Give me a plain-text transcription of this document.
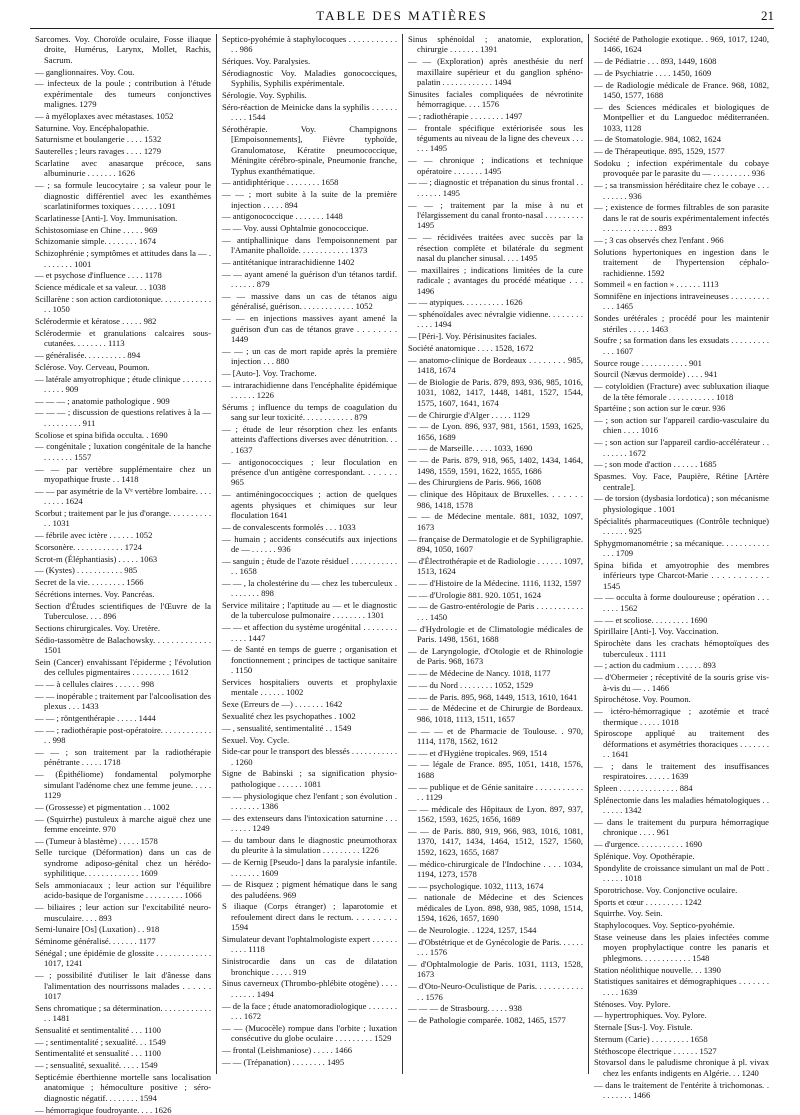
TABLE DES MATIÈRES	21
Sarcomes. Voy. Choroïde oculaire, Fosse iliaque droite, Humérus, Larynx, Mollet, Rachis, Sacrum.
— ganglionnaires. Voy. Cou.
— infecteux de la poule ; contribution à l'étude expérimentale des tumeurs conjonctives malignes. 1279
— à myéloplaxes avec métastases. 1052
Saturnine. Voy. Encéphalopathie.
Saturnisme et boulangerie . . . . 1532
Sauterelles ; leurs ravages . . . . 1279
Scarlatine avec anasarque précoce, sans albuminurie . . . . . . . 1626
— ; sa formule leucocytaire ; sa valeur pour le diagnostic différentiel avec les exanthèmes scarlatiniformes toxiques . . . . . . 1091
Scarlatinesse [Anti-]. Voy. Immunisation.
Schistosomiase en Chine . . . . . 969
Schizomanie simple. . . . . . . . 1674
Schizophrénie ; symptômes et attitudes dans la — . . . . . . . . 1001
— et psychose d'influence . . . . 1178
Science médicale et sa valeur. . . 1038
Scillarène : son action cardiotonique. . . . . . . . . . . . . . 1050
Sclérodermie et kératose . . . . . 982
Sclérodermie et granulations calcaires sous-cutanées. . . . . . . . 1113
— généralisée. . . . . . . . . . 894
Sclérose. Voy. Cerveau, Poumon.
— latérale amyotrophique ; étude clinique . . . . . . . . . . . . 909
— — — ; anatomie pathologique . 909
— — — ; discussion de questions relatives à la — . . . . . . . . . 911
Scoliose et spina bifida occulta. . 1690
— congénitale ; luxation congénitale de la hanche . . . . . . . 1557
— — par vertèbre supplémentaire chez un myopathique fruste . . 1418
— — par asymétrie de la Vᵉ vertèbre lombaire. . . . . . . . . 1624
Scorbut ; traitement par le jus d'orange. . . . . . . . . . . . 1031
— fébrile avec ictère . . . . . . 1052
Scorsonère. . . . . . . . . . . . 1724
Scrot-m (Éléphantiasis) . . . . . 1063
— (Kystes) . . . . . . . . . . . 985
Secret de la vie. . . . . . . . . 1566
Sécrétions internes. Voy. Pancréas.
Section d'Études scientifiques de l'Œuvre de la Tuberculose. . . . 896
Sections chirurgicales. Voy. Uretère.
Sédio-tassomètre de Balachowsky. . . . . . . . . . . . . 1501
Sein (Cancer) envahissant l'épiderme ; l'évolution des cellules pigmentaires . . . . . . . . . 1612
— — à cellules claires . . . . . . 998
— — inopérable ; traitement par l'alcoolisation des plexus . . . 1433
— — ; röntgenthérapie . . . . . 1444
— — ; radiothérapie post-opératoire. . . . . . . . . . . . . . 998
— — ; son traitement par la radiothérapie pénétrante . . . . . 1718
— (Épithéliome) fondamental polymorphe simulant l'adénome chez une femme jeune. . . . . 1129
— (Grossesse) et pigmentation . . 1002
— (Squirrhe) pustuleux à marche aiguë chez une femme enceinte. 970
— (Tumeur à blastème) . . . . . 1578
Selle turcique (Déformation) dans un cas de syndrome adiposo-génital chez un hérédo-syphilitique. . . . . . . . . . . . . 1609
Sels ammoniacaux ; leur action sur l'équilibre acido-basique de l'organisme . . . . . . . . . 1066
— biliaires ; leur action sur l'excitabilité neuro-musculaire. . . . 893
Semi-lunaire [Os] (Luxation) . . 918
Séminome généralisé. . . . . . . 1177
Sénégal ; une épidémie de glossite . . . . . . . . . . . . . 1017, 1241
— ; possibilité d'utiliser le lait d'ânesse dans l'alimentation des nourrissons malades . . . . . . 1017
Sens chromatique ; sa détermination. . . . . . . . . . . . . . 1481
Sensualité et sentimentalité . . . 1100
— ; sentimentalité ; sexualité. . . 1549
Sentimentalité et sensualité . . . 1100
— ; sensualité, sexualité. . . . . 1549
Septicémie éberthienne mortelle sans localisation anatomique ; hémoculture positive ; séro-diagnostic négatif. . . . . . . . 1594
— hémorragique foudroyante. . . . 1626
Septico-pyohémie à staphylocoques . . . . . . . . . . . . . 986
Sériques. Voy. Paralysies.
Sérodiagnostic Voy. Maladies gonococciques, Syphilis, Syphilis expérimentale.
Sérologie. Voy. Syphilis.
Séro-réaction de Meinicke dans la syphilis . . . . . . . . . . 1544
Sérothérapie. Voy. Champignons [Empoisonnements], Fièvre typhoïde, Granulomatose, Kératite pneumococcique, Méningite cérébro-spinale, Pneumonie franche, Typhus exanthématique.
— antidiphtérique . . . . . . . . 1658
— — ; mort subite à la suite de la première injection . . . . . 894
— antigonococcique . . . . . . . 1448
— — Voy. aussi Ophtalmie gonococcique.
— antiphallinique dans l'empoisonnement par l'Amanite phalloïde. . . . . . . . . . . . 1373
— antitétanique intrarachidienne 1402
— — ayant amené la guérison d'un tétanos tardif. . . . . . . 879
— — massive dans un cas de tétanos aigu généralisé, guérison. . . . . . . . . . . . . 1052
— — en injections massives ayant amené la guérison d'un cas de tétanos grave . . . . . . . . 1449
— — ; un cas de mort rapide après la première injection . . . 880
— [Auto-]. Voy. Trachome.
— intrarachidienne dans l'encéphalite épidémique . . . . . . 1226
Sérums ; influence du temps de coagulation du sang sur leur toxicité. . . . . . . . . . . . 879
— ; étude de leur résorption chez les enfants atteints d'affections diverses avec dénutrition. . . . 1637
— antigonococciques ; leur floculation en présence d'un antigène correspondant. . . . . . . 965
— antiméningococciques ; action de quelques agents physiques et chimiques sur leur floculation 1641
— de convalescents formolés . . . 1033
— humain ; accidents consécutifs aux injections de — . . . . . . 936
— sanguin ; étude de l'azote résiduel . . . . . . . . . . . . . 1658
— — , la cholestérine du — chez les tuberculeux . . . . . . . . 898
Service militaire ; l'aptitude au — et le diagnostic de la tuberculose pulmonaire . . . . . . . . 1301
— — et affection du système urogénital . . . . . . . . . . . . 1447
— de Santé en temps de guerre ; organisation et fonctionnement ; principes de tactique sanitaire . 1150
Services hospitaliers ouverts et prophylaxie mentale . . . . . . 1002
Sexe (Erreurs de —) . . . . . . . 1642
Sexualité chez les psychopathes . 1002
— , sensualité, sentimentalité . . 1549
Sexuel. Voy. Cycle.
Side-car pour le transport des blessés . . . . . . . . . . . . 1260
Signe de Babinski ; sa signification physio-pathologique . . . . . . 1081
— — physiologique chez l'enfant ; son évolution . . . . . . . . 1386
— des extenseurs dans l'intoxication saturnine . . . . . . . . 1249
— du tambour dans le diagnostic pneumothorax du pleurite à la simulation . . . . . . . . . 1226
— de Kernig [Pseudo-] dans la paralysie infantile. . . . . . . . 1609
— de Risquez ; pigment hématique dans le sang des paludéens. 969
S iliaque (Corps étranger) ; laparotomie et refoulement direct dans le rectum. . . . . . . . . 1594
Simulateur devant l'ophtalmologiste expert . . . . . . . . . . 1118
Sinistrocardie dans un cas de dilatation bronchique . . . . . 919
Sinus caverneux (Thrombo-phlébite otogène) . . . . . . . . . . 1494
— de la face ; étude anatomoradiologique . . . . . . . . . . 1672
— — (Mucocèle) rompue dans l'orbite ; luxation consécutive du globe oculaire . . . . . . . . . 1529
— frontal (Leishmaniose) . . . . . 1466
— — (Trépanation) . . . . . . . . 1495
Sinus sphénoïdal ; anatomie, exploration, chirurgie . . . . . . . 1391
— — (Exploration) après anesthésie du nerf maxillaire supérieur et du ganglion sphéno-palatin . . . . . . . . . . . . 1494
Sinusites faciales compliquées de névrotinite hémorragique. . . . 1576
— ; radiothérapie . . . . . . . . 1497
— frontale spécifique extériorisée sous les téguments au niveau de la ligne des cheveux . . . . . . 1495
— — chronique ; indications et technique opératoire . . . . . . . 1495
— — ; diagnostic et trépanation du sinus frontal . . . . . . . . 1495
— — ; traitement par la mise à nu et l'élargissement du canal fronto-nasal . . . . . . . . . 1495
— — récidivées traitées avec succès par la résection complète et bilatérale du segment nasal du plancher sinusal. . . . 1495
— maxillaires ; indications limitées de la cure radicale ; avantages du procédé méatique . . . 1496
— — atypiques. . . . . . . . . . 1626
— sphénoïdales avec névralgie vidienne. . . . . . . . . . . . 1494
— [Péri-]. Voy. Périsinusites faciales.
Société anatomique . . . . 1528, 1672
— anatomo-clinique de Bordeaux . . . . . . . . 985, 1418, 1674
— de Biologie de Paris. 879, 893, 936, 985, 1016, 1031, 1082, 1417, 1448, 1481, 1527, 1544, 1575, 1607, 1641, 1674
— de Chirurgie d'Alger . . . . . 1129
— — de Lyon. 896, 937, 981, 1561, 1593, 1625, 1656, 1689
— — de Marseille. . . . . 1033, 1690
— — de Paris. 879, 918, 965, 1402, 1434, 1464, 1498, 1559, 1591, 1622, 1655, 1686
— des Chirurgiens de Paris. 966, 1608
— clinique des Hôpitaux de Bruxelles. . . . . . . 986, 1418, 1578
— — de Médecine mentale. 881, 1032, 1097, 1673
— française de Dermatologie et de Syphiligraphie. 894, 1050, 1607
— d'Électrothérapie et de Radiologie . . . . . . 1097, 1513, 1624
— — d'Histoire de la Médecine. 1116, 1132, 1597
— — d'Urologie 881. 920. 1051, 1624
— — de Gastro-entérologie de Paris . . . . . . . . . . . . . . 1450
— d'Hydrologie et de Climatologie médicales de Paris. 1498, 1561, 1688
— de Laryngologie, d'Otologie et de Rhinologie de Paris. 968, 1673
— — de Médecine de Nancy. 1018, 1177
— — du Nord . . . . . . . . 1052, 1529
— — de Paris. 895, 968, 1449, 1513, 1610, 1641
— — de Médecine et de Chirurgie de Bordeaux. 986, 1018, 1113, 1511, 1657
— — — et de Pharmacie de Toulouse. . 970, 1114, 1178, 1562, 1612
— — et d'Hygiène tropicales. 969, 1514
— — légale de France. 895, 1051, 1418, 1576, 1688
— — publique et de Génie sanitaire . . . . . . . . . . . . . 1129
— — médicale des Hôpitaux de Lyon. 897, 937, 1562, 1593, 1625, 1656, 1689
— — de Paris. 880, 919, 966, 983, 1016, 1081, 1370, 1417, 1434, 1464, 1512, 1527, 1560, 1592, 1623, 1655, 1687
— médico-chirurgicale de l'Indochine . . . . 1034, 1194, 1273, 1578
— — psychologique. 1032, 1113, 1674
— nationale de Médecine et des Sciences médicales de Lyon. 898, 938, 985, 1098, 1514, 1594, 1626, 1657, 1690
— de Neurologie. . 1224, 1257, 1544
— d'Obstétrique et de Gynécologie de Paris. . . . . . . . . 1576
— d'Ophtalmologie de Paris. 1031, 1113, 1528, 1673
— d'Oto-Neuro-Oculistique de Paris. . . . . . . . . . . . . 1576
— — — de Strasbourg. . . . . 938
— de Pathologie comparée. 1082, 1465, 1577
Société de Pathologie exotique. . 969, 1017, 1240, 1466, 1624
— de Pédiatrie . . . 893, 1449, 1608
— de Psychiatrie . . . . 1450, 1609
— de Radiologie médicale de France. 968, 1082, 1450, 1577, 1688
— des Sciences médicales et biologiques de Montpellier et du Languedoc méditerranéen. 1033, 1128
— de Stomatologie. 984, 1082, 1624
— de Thérapeutique. 895, 1529, 1577
Sodoku ; infection expérimentale du cobaye provoquée par le parasite du — . . . . . . . . . 936
— ; sa transmission héréditaire chez le cobaye . . . . . . . . . 936
— ; existence de formes filtrables de son parasite dans le rat de souris expérimentalement infectés . . . . . . . . . . . . . 893
— ; 3 cas observés chez l'enfant . 966
Solutions hypertoniques en ingestion dans le traitement de l'hypertension céphalo-rachidienne. 1592
Sommeil « en faction » . . . . . . 1113
Somnifène en injections intraveineuses . . . . . . . . . . . . 1465
Sondes urétérales ; procédé pour les maintenir stériles . . . . . 1463
Soufre ; sa formation dans les exsudats . . . . . . . . . . . . 1607
Source rouge . . . . . . . . . . . 901
Sourcil (Nævus dermoïde) . . . . 941
— cotyloïdien (Fracture) avec subluxation iliaque de la tête fémorale . . . . . . . . . . . 1018
Spartéine ; son action sur le cœur. 936
— ; son action sur l'appareil cardio-vasculaire du chien . . . . 1016
— ; son action sur l'appareil cardio-accélérateur . . . . . . . . 1672
— ; son mode d'action . . . . . . 1685
Spasmes. Voy. Face, Paupière, Rétine [Artère centrale].
— de torsion (dysbasia lordotica) ; son mécanisme physiologique . 1001
Spécialités pharmaceutiques (Contrôle technique) . . . . . . 925
Sphygmomanométrie ; sa mécanique. . . . . . . . . . . . . . 1709
Spina bifida et amyotrophie des membres inférieurs type Charcot-Marie . . . . . . . . . . . 1545
— — occulta à forme douloureuse ; opération . . . . . . . 1562
— — et scoliose. . . . . . . . . 1690
Spirillaire [Anti-]. Voy. Vaccination.
Spirochète dans les crachats hémoptoïques des tuberculeux . 1111
— ; action du cadmium . . . . . . 893
— d'Obermeier ; réceptivité de la souris grise vis-à-vis du — . . 1466
Spirochétose. Voy. Poumon.
— ictéro-hémorragique ; azotémie et tracé thermique . . . . . 1018
Spiroscope appliqué au traitement des déformations et asymétries thoraciques . . . . . . . . . 1641
— ; dans le traitement des insuffisances respiratoires. . . . . . 1639
Spleen . . . . . . . . . . . . . . 884
Splénectomie dans les maladies hématologiques . . . . . . . 1342
— dans le traitement du purpura hémorragique chronique . . . . 961
— d'urgence. . . . . . . . . . . 1690
Splénique. Voy. Opothérapie.
Spondylite de croissance simulant un mal de Pott . . . . . . 1018
Sporotrichose. Voy. Conjonctive oculaire.
Sports et cœur . . . . . . . . . 1242
Squirrhe. Voy. Sein.
Staphylocoques. Voy. Septico-pyohémie.
Stase veineuse dans les plaies infectées comme moyen prophylactique contre les panaris et phlegmons. . . . . . . . . . . . 1548
Station néolithique nouvelle. . . 1390
Statistiques sanitaires et démographiques . . . . . . . . . . . 1639
Sténoses. Voy. Pylore.
— hypertrophiques. Voy. Pylore.
Sternale [Sus-]. Voy. Fistule.
Sternum (Carie) . . . . . . . . . 1658
Stéthoscope électrique . . . . . . 1527
Stovarsol dans le paludisme chronique à pl. vivax chez les enfants indigents en Algérie. . . 1240
— dans le traitement de l'entérite à trichomonas. . . . . . . . . 1466
